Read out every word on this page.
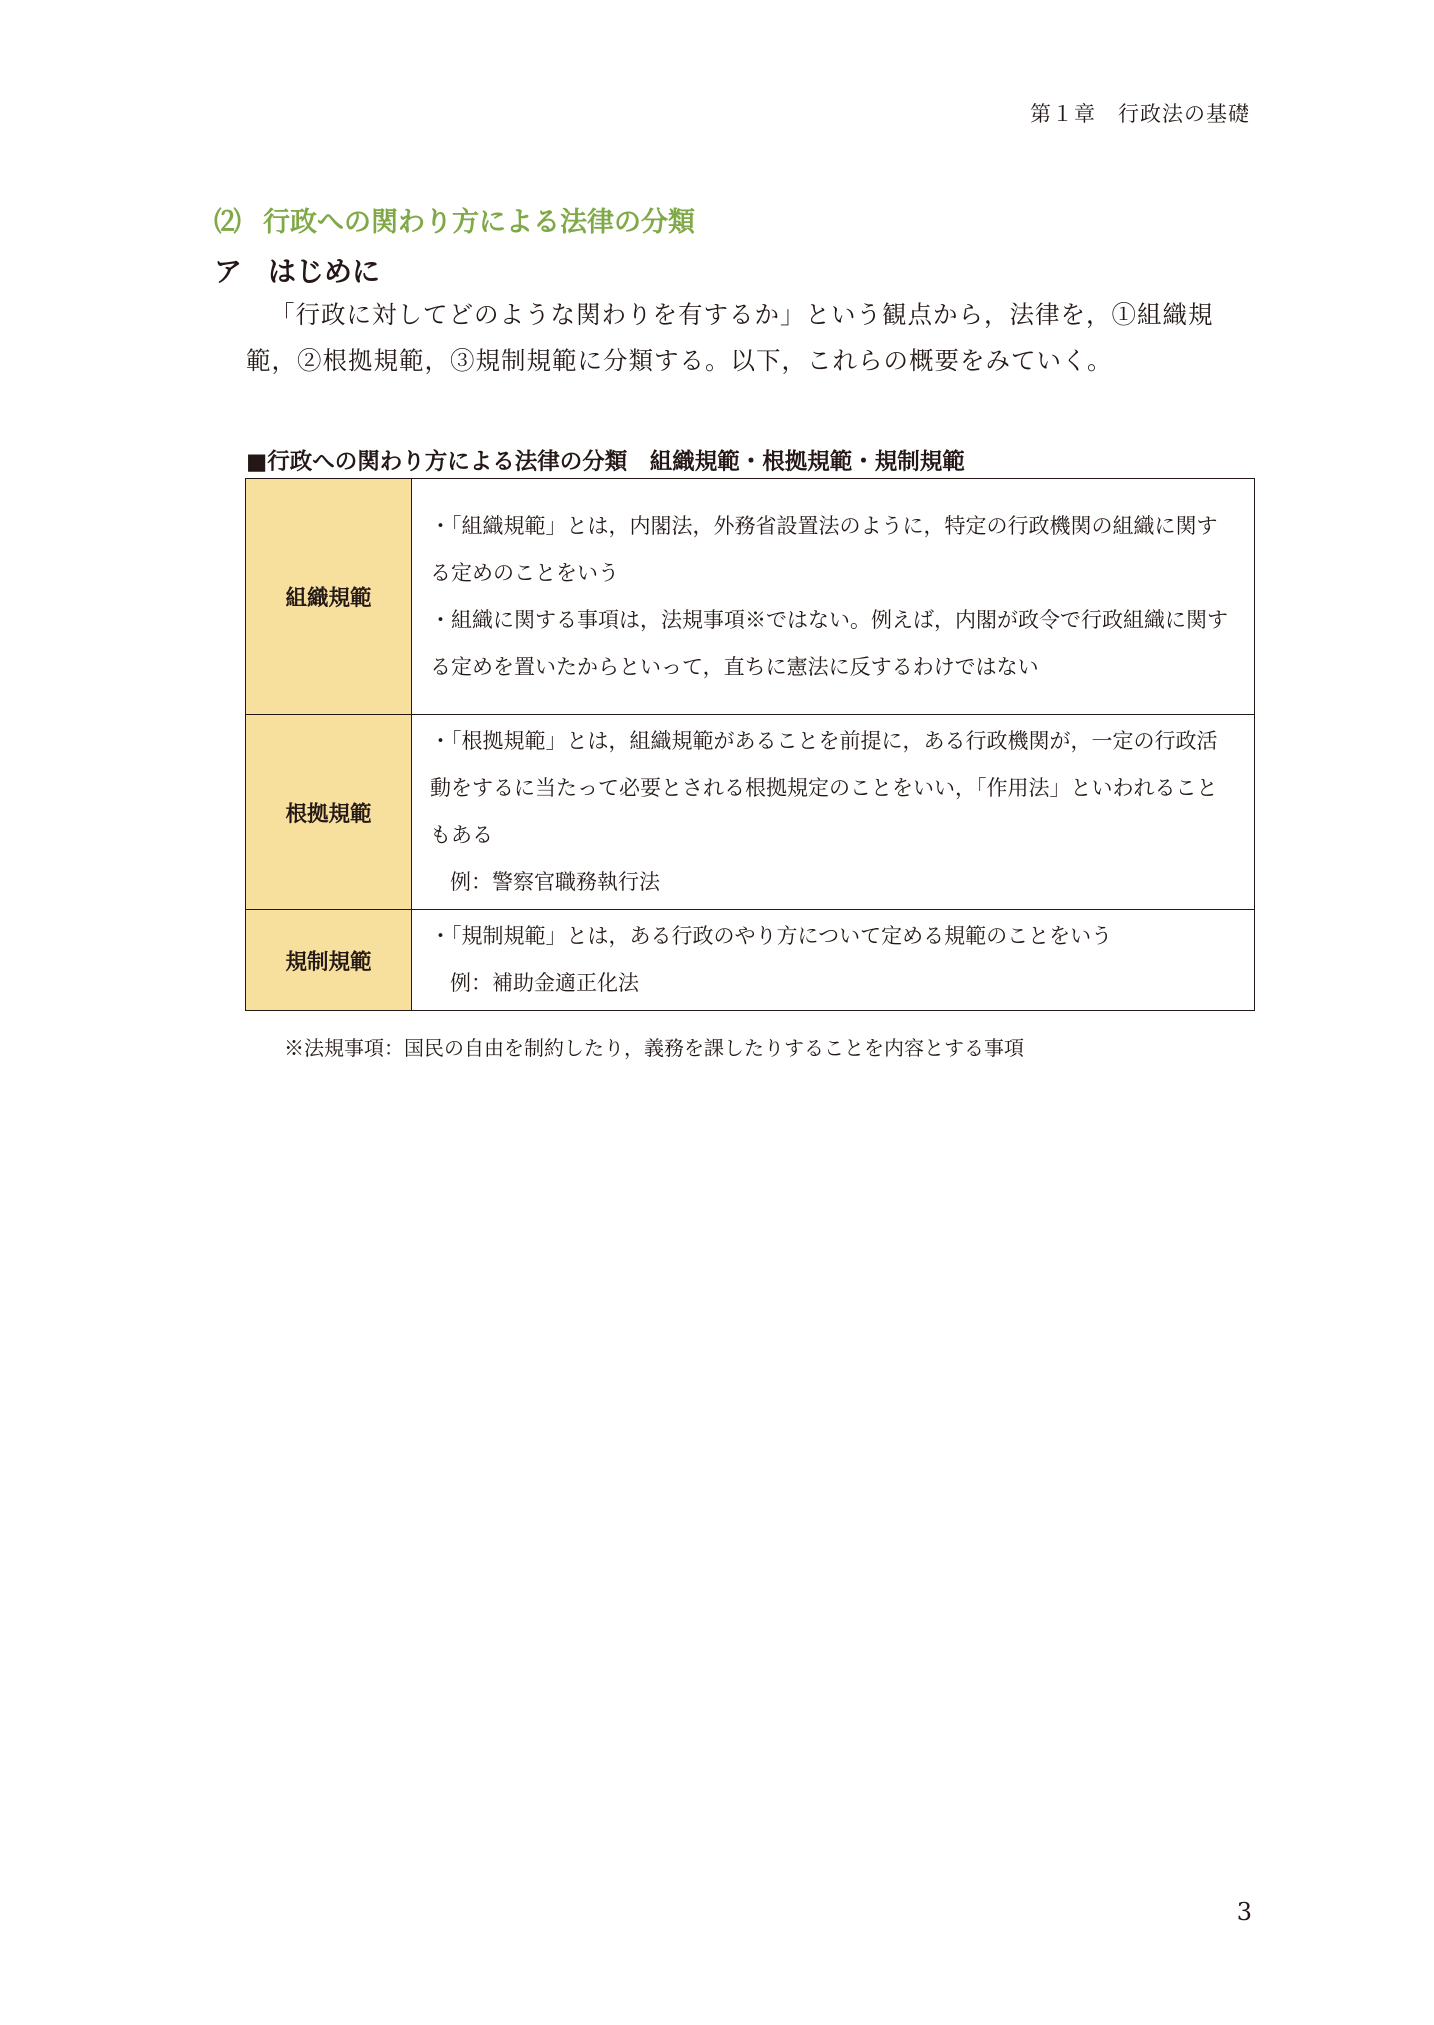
第１章　行政法の基礎
⑵ 行政への関わり方による法律の分類
ア はじめに

「行政に対してどのような関わりを有するか」という観点から，法律を，①組織規範，②根拠規範，③規制規範に分類する。以下，これらの概要をみていく。

■行政への関わり方による法律の分類　組織規範・根拠規範・規制規範
組織規範	・「組織規範」とは，内閣法，外務省設置法のように，特定の行政機関の組織に関する定めのことをいう
・組織に関する事項は，法規事項※ではない。例えば，内閣が政令で行政組織に関する定めを置いたからといって，直ちに憲法に反するわけではない

根拠規範	・「根拠規範」とは，組織規範があることを前提に，ある行政機関が，一定の行政活動をするに当たって必要とされる根拠規定のことをいい，「作用法」といわれることもある
例：警察官職務執行法

規制規範	・「規制規範」とは，ある行政のやり方について定める規範のことをいう
例：補助金適正化法
※法規事項：国民の自由を制約したり，義務を課したりすることを内容とする事項
3
